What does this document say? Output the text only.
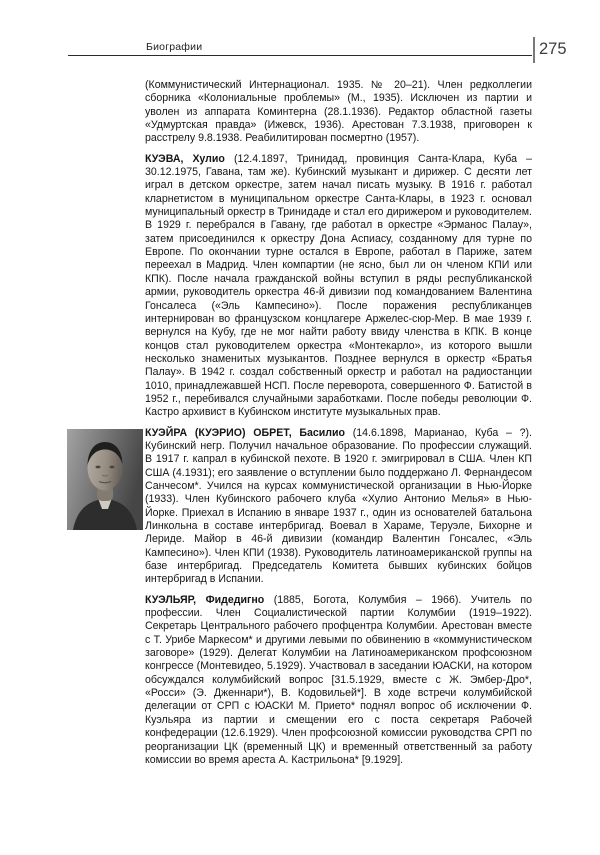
Биографии	275

(Коммунистический Интернационал. 1935. № 20–21). Член редколлегии сборника «Колониальные проблемы» (М., 1935). Исключен из партии и уволен из аппарата Коминтерна (28.1.1936). Редактор областной газеты «Удмуртская правда» (Ижевск, 1936). Арестован 7.3.1938, приговорен к расстрелу 9.8.1938. Реабилитирован посмертно (1957).

КУЭВА, Хулио (12.4.1897, Тринидад, провинция Санта-Клара, Куба – 30.12.1975, Гавана, там же). Кубинский музыкант и дирижер. С десяти лет играл в детском оркестре, затем начал писать музыку. В 1916 г. работал кларнетистом в муниципальном оркестре Санта-Клары, в 1923 г. основал муниципальный оркестр в Тринидаде и стал его дирижером и руководителем. В 1929 г. перебрался в Гавану, где работал в оркестре «Эрманос Палау», затем присоединился к оркестру Дона Аспиасу, созданному для турне по Европе. По окончании турне остался в Европе, работал в Париже, затем переехал в Мадрид. Член компартии (не ясно, был ли он членом КПИ или КПК). После начала гражданской войны вступил в ряды республиканской армии, руководитель оркестра 46-й дивизии под командованием Валентина Гонсалеса («Эль Кампесино»). После поражения республиканцев интернирован во французском концлагере Аржелес-сюр-Мер. В мае 1939 г. вернулся на Кубу, где не мог найти работу ввиду членства в КПК. В конце концов стал руководителем оркестра «Монтекарло», из которого вышли несколько знаменитых музыкантов. Позднее вернулся в оркестр «Братья Палау». В 1942 г. создал собственный оркестр и работал на радиостанции 1010, принадлежавшей НСП. После переворота, совершенного Ф. Батистой в 1952 г., перебивался случайными заработками. После победы революции Ф. Кастро архивист в Кубинском институте музыкальных прав.

КУЭЙРА (КУЭРИО) ОБРЕТ, Басилио (14.6.1898, Марианао, Куба – ?). Кубинский негр. Получил начальное образование. По профессии служащий. В 1917 г. капрал в кубинской пехоте. В 1920 г. эмигрировал в США. Член КП США (4.1931); его заявление о вступлении было поддержано Л. Фернандесом Санчесом*. Учился на курсах коммунистической организации в Нью-Йорке (1933). Член Кубинского рабочего клуба «Хулио Антонио Мелья» в Нью-Йорке. Приехал в Испанию в январе 1937 г., один из основателей батальона Линкольна в составе интербригад. Воевал в Хараме, Теруэле, Бихорне и Лериде. Майор в 46-й дивизии (командир Валентин Гонсалес, «Эль Кампесино»). Член КПИ (1938). Руководитель латиноамериканской группы на базе интербригад. Председатель Комитета бывших кубинских бойцов интербригад в Испании.

КУЭЛЬЯР, Фидедигно (1885, Богота, Колумбия – 1966). Учитель по профессии. Член Социалистической партии Колумбии (1919–1922). Секретарь Центрального рабочего профцентра Колумбии. Арестован вместе с Т. Урибе Маркесом* и другими левыми по обвинению в «коммунистическом заговоре» (1929). Делегат Колумбии на Латиноамериканском профсоюзном конгрессе (Монтевидео, 5.1929). Участвовал в заседании ЮАСКИ, на котором обсуждался колумбийский вопрос [31.5.1929, вместе с Ж. Эмбер-Дро*, «Росси» (Э. Дженнари*), В. Кодовильей*]. В ходе встречи колумбийской делегации от СРП с ЮАСКИ М. Прието* поднял вопрос об исключении Ф. Куэльяра из партии и смещении его с поста секретаря Рабочей конфедерации (12.6.1929). Член профсоюзной комиссии руководства СРП по реорганизации ЦК (временный ЦК) и временный ответственный за работу комиссии во время ареста А. Кастрильона* [9.1929].
